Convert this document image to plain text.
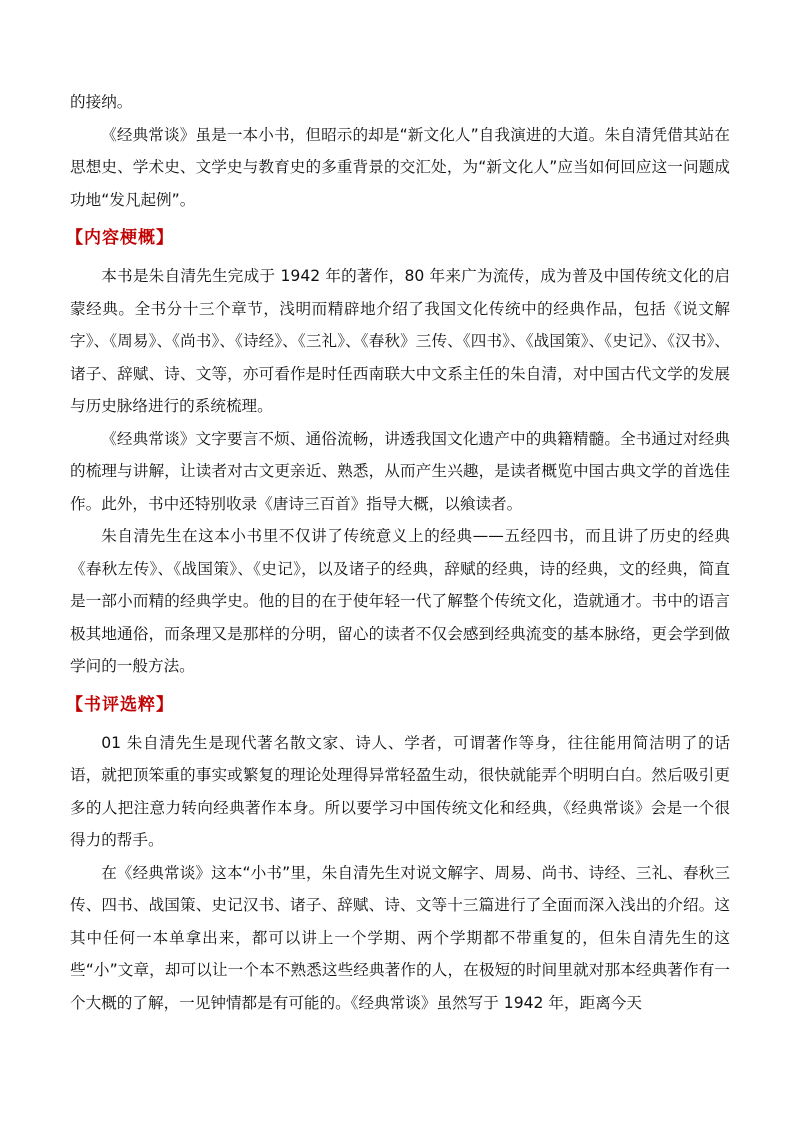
的接纳。

《经典常谈》虽是一本小书，但昭示的却是“新文化人”自我演进的大道。朱自清凭借其站在思想史、学术史、文学史与教育史的多重背景的交汇处，为“新文化人”应当如何回应这一问题成功地“发凡起例”。

【内容梗概】

本书是朱自清先生完成于 1942 年的著作，80 年来广为流传，成为普及中国传统文化的启蒙经典。全书分十三个章节，浅明而精辟地介绍了我国文化传统中的经典作品，包括《说文解字》、《周易》、《尚书》、《诗经》、《三礼》、《春秋》三传、《四书》、《战国策》、《史记》、《汉书》、诸子、辞赋、诗、文等，亦可看作是时任西南联大中文系主任的朱自清，对中国古代文学的发展与历史脉络进行的系统梳理。

《经典常谈》文字要言不烦、通俗流畅，讲透我国文化遗产中的典籍精髓。全书通过对经典的梳理与讲解，让读者对古文更亲近、熟悉，从而产生兴趣，是读者概览中国古典文学的首选佳作。此外，书中还特别收录《唐诗三百首》指导大概，以飨读者。

朱自清先生在这本小书里不仅讲了传统意义上的经典——五经四书，而且讲了历史的经典《春秋左传》、《战国策》、《史记》，以及诸子的经典，辞赋的经典，诗的经典，文的经典，简直是一部小而精的经典学史。他的目的在于使年轻一代了解整个传统文化，造就通才。书中的语言极其地通俗，而条理又是那样的分明，留心的读者不仅会感到经典流变的基本脉络，更会学到做学问的一般方法。

【书评选粹】

01 朱自清先生是现代著名散文家、诗人、学者，可谓著作等身，往往能用简洁明了的话语，就把顶笨重的事实或繁复的理论处理得异常轻盈生动，很快就能弄个明明白白。然后吸引更多的人把注意力转向经典著作本身。所以要学习中国传统文化和经典，《经典常谈》会是一个很得力的帮手。

在《经典常谈》这本“小书”里，朱自清先生对说文解字、周易、尚书、诗经、三礼、春秋三传、四书、战国策、史记汉书、诸子、辞赋、诗、文等十三篇进行了全面而深入浅出的介绍。这其中任何一本单拿出来，都可以讲上一个学期、两个学期都不带重复的，但朱自清先生的这些“小”文章，却可以让一个本不熟悉这些经典著作的人，在极短的时间里就对那本经典著作有一个大概的了解，一见钟情都是有可能的。《经典常谈》虽然写于 1942 年，距离今天
